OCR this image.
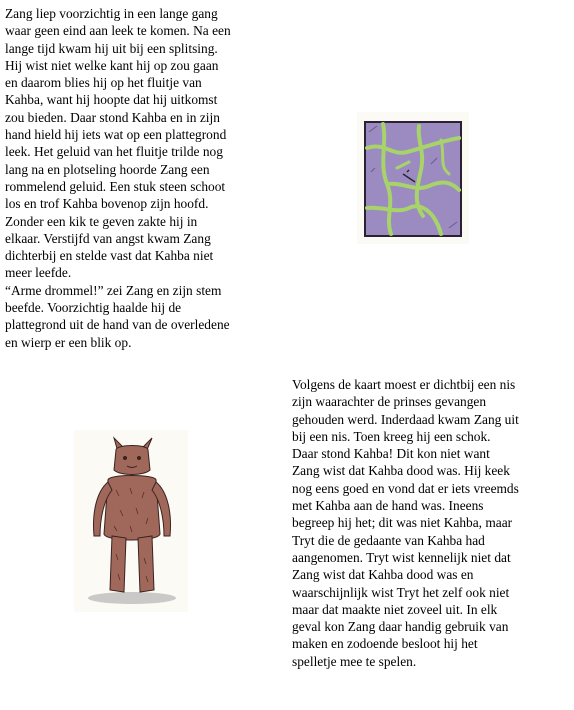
Zang liep voorzichtig in een lange gang
waar geen eind aan leek te komen. Na een
lange tijd kwam hij uit bij een splitsing.
Hij wist niet welke kant hij op zou gaan
en daarom blies hij op het fluitje van
Kahba, want hij hoopte dat hij uitkomst
zou bieden. Daar stond Kahba en in zijn
hand hield hij iets wat op een plattegrond
leek. Het geluid van het fluitje trilde nog
lang na en plotseling hoorde Zang een
rommelend geluid. Een stuk steen schoot
los en trof Kahba bovenop zijn hoofd.
Zonder een kik te geven zakte hij in
elkaar. Verstijfd van angst kwam Zang
dichterbij en stelde vast dat Kahba niet
meer leefde.
“Arme drommel!” zei Zang en zijn stem
beefde. Voorzichtig haalde hij de
plattegrond uit de hand van de overledene
en wierp er een blik op.
Volgens de kaart moest er dichtbij een nis
zijn waarachter de prinses gevangen
gehouden werd. Inderdaad kwam Zang uit
bij een nis. Toen kreeg hij een schok.
Daar stond Kahba! Dit kon niet want
Zang wist dat Kahba dood was. Hij keek
nog eens goed en vond dat er iets vreemds
met Kahba aan de hand was. Ineens
begreep hij het; dit was niet Kahba, maar
Tryt die de gedaante van Kahba had
aangenomen. Tryt wist kennelijk niet dat
Zang wist dat Kahba dood was en
waarschijnlijk wist Tryt het zelf ook niet
maar dat maakte niet zoveel uit. In elk
geval kon Zang daar handig gebruik van
maken en zodoende besloot hij het
spelletje mee te spelen.
